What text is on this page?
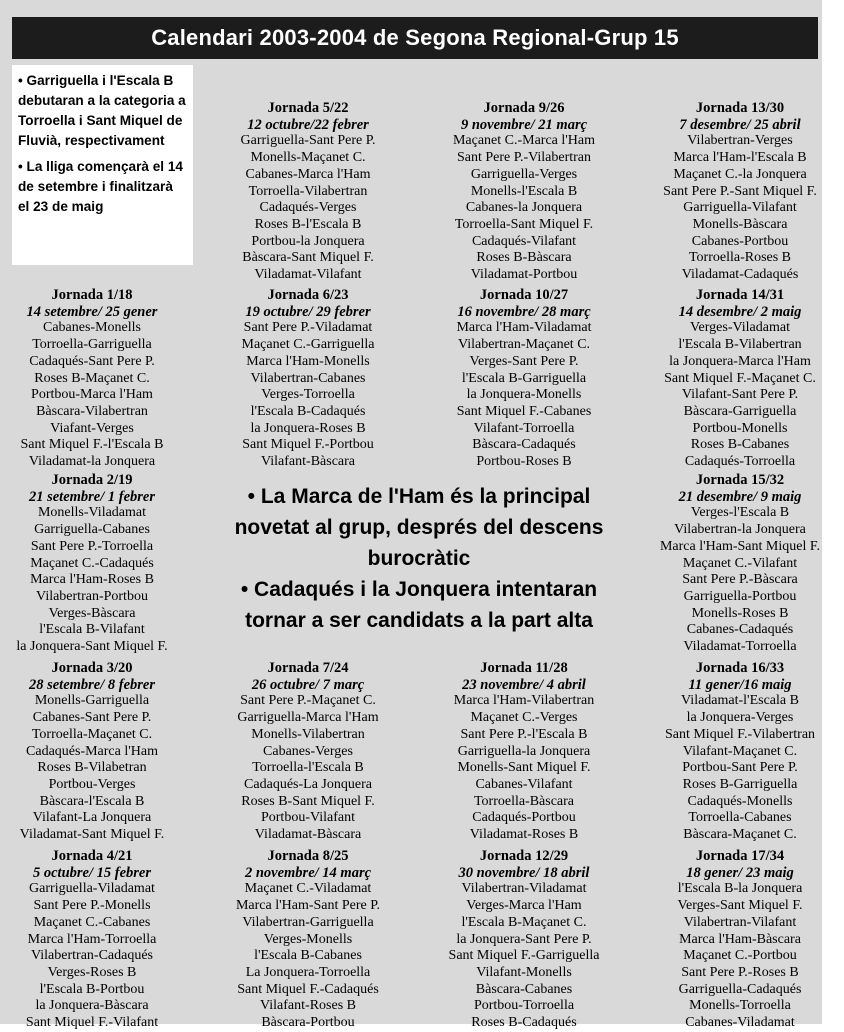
Calendari 2003-2004 de Segona Regional-Grup 15

• Garriguella i l'Escala B debutaran a la categoria a Torroella i Sant Miquel de Fluvià, respectivament

• La lliga començarà el 14 de setembre i finalitzarà el 23 de maig

• La Marca de l'Ham és la principal novetat al grup, després del descens burocràtic

• Cadaqués i la Jonquera intentaran tornar a ser candidats a la part alta

Jornada 1/18
14 setembre/ 25 gener
Cabanes-Monells
Torroella-Garriguella
Cadaqués-Sant Pere P.
Roses B-Maçanet C.
Portbou-Marca l'Ham
Bàscara-Vilabertran
Viafant-Verges
Sant Miquel F.-l'Escala B
Viladamat-la Jonquera
Jornada 2/19
21 setembre/ 1 febrer
Monells-Viladamat
Garriguella-Cabanes
Sant Pere P.-Torroella
Maçanet C.-Cadaqués
Marca l'Ham-Roses B
Vilabertran-Portbou
Verges-Bàscara
l'Escala B-Vilafant
la Jonquera-Sant Miquel F.
Jornada 3/20
28 setembre/ 8 febrer
Monells-Garriguella
Cabanes-Sant Pere P.
Torroella-Maçanet C.
Cadaqués-Marca l'Ham
Roses B-Vilabetran
Portbou-Verges
Bàscara-l'Escala B
Vilafant-La Jonquera
Viladamat-Sant Miquel F.
Jornada 4/21
5 octubre/ 15 febrer
Garriguella-Viladamat
Sant Pere P.-Monells
Maçanet C.-Cabanes
Marca l'Ham-Torroella
Vilabertran-Cadaqués
Verges-Roses B
l'Escala B-Portbou
la Jonquera-Bàscara
Sant Miquel F.-Vilafant
Jornada 5/22
12 octubre/22 febrer
Garriguella-Sant Pere P.
Monells-Maçanet C.
Cabanes-Marca l'Ham
Torroella-Vilabertran
Cadaqués-Verges
Roses B-l'Escala B
Portbou-la Jonquera
Bàscara-Sant Miquel F.
Viladamat-Vilafant
Jornada 6/23
19 octubre/ 29 febrer
Sant Pere P.-Viladamat
Maçanet C.-Garriguella
Marca l'Ham-Monells
Vilabertran-Cabanes
Verges-Torroella
l'Escala B-Cadaqués
la Jonquera-Roses B
Sant Miquel F.-Portbou
Vilafant-Bàscara
Jornada 7/24
26 octubre/ 7 març
Sant Pere P.-Maçanet C.
Garriguella-Marca l'Ham
Monells-Vilabertran
Cabanes-Verges
Torroella-l'Escala B
Cadaqués-La Jonquera
Roses B-Sant Miquel F.
Portbou-Vilafant
Viladamat-Bàscara
Jornada 8/25
2 novembre/ 14 març
Maçanet C.-Viladamat
Marca l'Ham-Sant Pere P.
Vilabertran-Garriguella
Verges-Monells
l'Escala B-Cabanes
La Jonquera-Torroella
Sant Miquel F.-Cadaqués
Vilafant-Roses B
Bàscara-Portbou
Jornada 9/26
9 novembre/ 21 març
Maçanet C.-Marca l'Ham
Sant Pere P.-Vilabertran
Garriguella-Verges
Monells-l'Escala B
Cabanes-la Jonquera
Torroella-Sant Miquel F.
Cadaqués-Vilafant
Roses B-Bàscara
Viladamat-Portbou
Jornada 10/27
16 novembre/ 28 març
Marca l'Ham-Viladamat
Vilabertran-Maçanet C.
Verges-Sant Pere P.
l'Escala B-Garriguella
la Jonquera-Monells
Sant Miquel F.-Cabanes
Vilafant-Torroella
Bàscara-Cadaqués
Portbou-Roses B
Jornada 11/28
23 novembre/ 4 abril
Marca l'Ham-Vilabertran
Maçanet C.-Verges
Sant Pere P.-l'Escala B
Garriguella-la Jonquera
Monells-Sant Miquel F.
Cabanes-Vilafant
Torroella-Bàscara
Cadaqués-Portbou
Viladamat-Roses B
Jornada 12/29
30 novembre/ 18 abril
Vilabertran-Viladamat
Verges-Marca l'Ham
l'Escala B-Maçanet C.
la Jonquera-Sant Pere P.
Sant Miquel F.-Garriguella
Vilafant-Monells
Bàscara-Cabanes
Portbou-Torroella
Roses B-Cadaqués
Jornada 13/30
7 desembre/ 25 abril
Vilabertran-Verges
Marca l'Ham-l'Escala B
Maçanet C.-la Jonquera
Sant Pere P.-Sant Miquel F.
Garriguella-Vilafant
Monells-Bàscara
Cabanes-Portbou
Torroella-Roses B
Viladamat-Cadaqués
Jornada 14/31
14 desembre/ 2 maig
Verges-Viladamat
l'Escala B-Vilabertran
la Jonquera-Marca l'Ham
Sant Miquel F.-Maçanet C.
Vilafant-Sant Pere P.
Bàscara-Garriguella
Portbou-Monells
Roses B-Cabanes
Cadaqués-Torroella
Jornada 15/32
21 desembre/ 9 maig
Verges-l'Escala B
Vilabertran-la Jonquera
Marca l'Ham-Sant Miquel F.
Maçanet C.-Vilafant
Sant Pere P.-Bàscara
Garriguella-Portbou
Monells-Roses B
Cabanes-Cadaqués
Viladamat-Torroella
Jornada 16/33
11 gener/16 maig
Viladamat-l'Escala B
la Jonquera-Verges
Sant Miquel F.-Vilabertran
Vilafant-Maçanet C.
Portbou-Sant Pere P.
Roses B-Garriguella
Cadaqués-Monells
Torroella-Cabanes
Bàscara-Maçanet C.
Jornada 17/34
18 gener/ 23 maig
l'Escala B-la Jonquera
Verges-Sant Miquel F.
Vilabertran-Vilafant
Marca l'Ham-Bàscara
Maçanet C.-Portbou
Sant Pere P.-Roses B
Garriguella-Cadaqués
Monells-Torroella
Cabanes-Viladamat
